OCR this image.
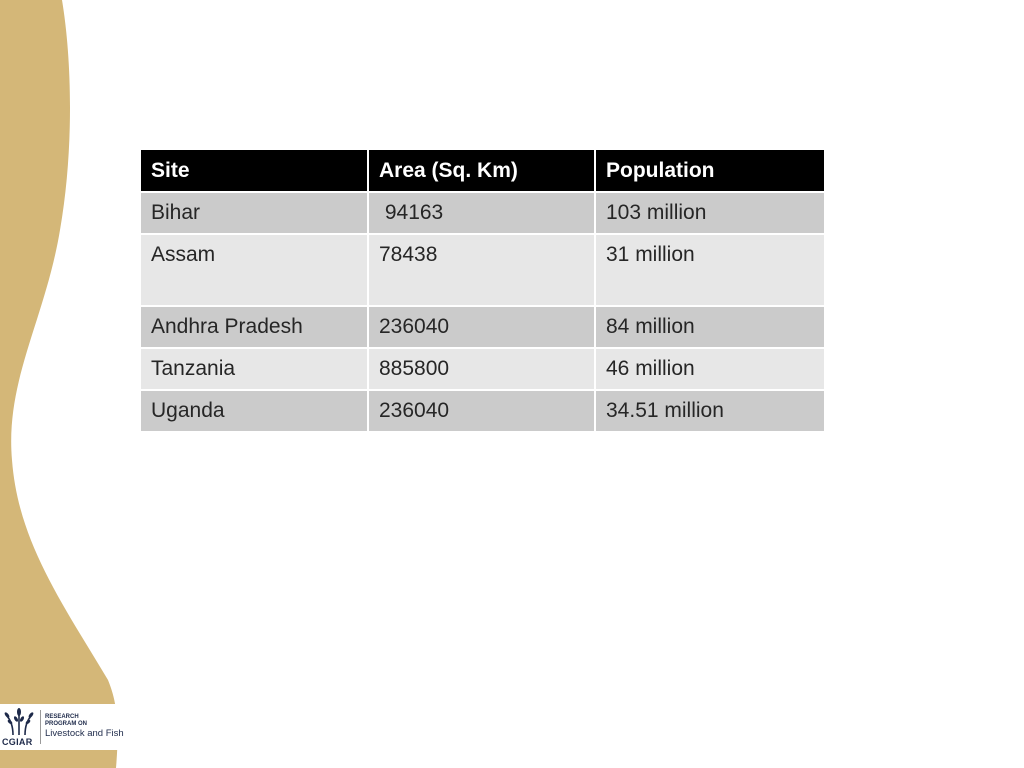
Site	Area (Sq. Km)	Population
Bihar	94163	103 million
Assam	78438	31 million
Andhra Pradesh	236040	84 million
Tanzania	885800	46 million
Uganda	236040	34.51 million
CGIAR
RESEARCH
PROGRAM ON
Livestock and Fish
